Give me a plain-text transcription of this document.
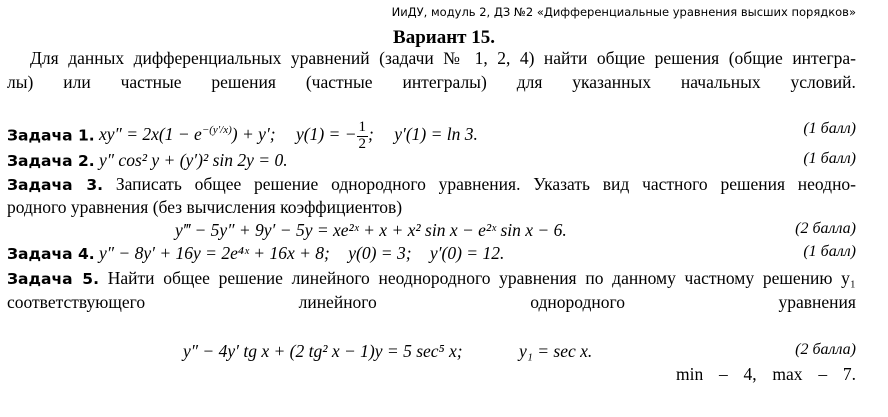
ИиДУ, модуль 2, ДЗ №2 «Дифференциальные уравнения высших порядков»
Вариант 15.
Для данных дифференциальных уравнений (задачи № 1, 2, 4) найти общие решения (общие интегра-
лы) или частные решения (частные интегралы) для указанных начальных условий.
Задача 1. $xy'' = 2x(1 - e^{-(y'/x)}) + y'$; y(1) = − $\frac{1}{2}$ ; y′(1) = ln 3.	(1 балл)
Задача 2. y″ cos² y + (y′)² sin 2y = 0.	(1 балл)
Задача 3. Записать общее решение однородного уравнения. Указать вид частного решения неодно-
родного уравнения (без вычисления коэффициентов)
y‴ − 5y″ + 9y′ − 5y = xe²ˣ + x + x² sin x − e²ˣ sin x − 6.	(2 балла)
Задача 4. y″ − 8y′ + 16y = 2e⁴ˣ + 16x + 8; y(0) = 3; y′(0) = 12.	(1 балл)
Задача 5. Найти общее решение линейного неоднородного уравнения по данному частному решению y₁
соответствующего	линейного	однородного	уравнения
y″ − 4y′ tg x + (2 tg² x − 1)y = 5 sec⁵ x;	y₁ = sec x.	(2 балла)
min – 4, max – 7.
